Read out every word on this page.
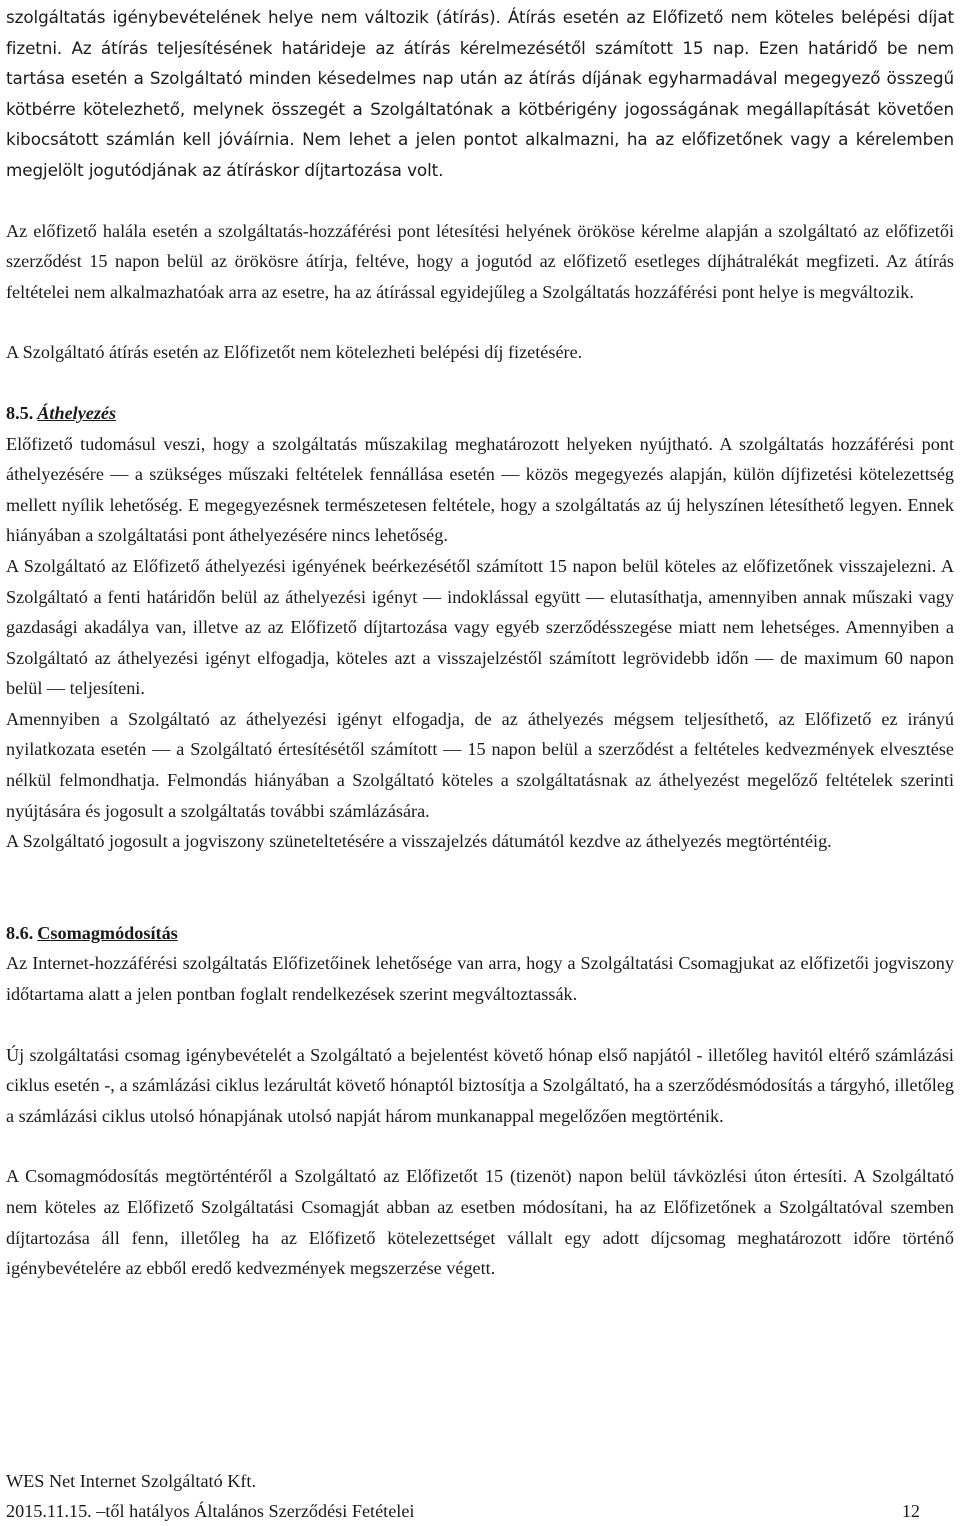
szolgáltatás igénybevételének helye nem változik (átírás). Átírás esetén az Előfizető nem köteles belépési díjat fizetni. Az átírás teljesítésének határideje az átírás kérelmezésétől számított 15 nap. Ezen határidő be nem tartása esetén a Szolgáltató minden késedelmes nap után az átírás díjának egyharmadával megegyező összegű kötbérre kötelezhető, melynek összegét a Szolgáltatónak a kötbérigény jogosságának megállapítását követően kibocsátott számlán kell jóváírnia. Nem lehet a jelen pontot alkalmazni, ha az előfizetőnek vagy a kérelemben megjelölt jogutódjának az átíráskor díjtartozása volt.

Az előfizető halála esetén a szolgáltatás-hozzáférési pont létesítési helyének örököse kérelme alapján a szolgáltató az előfizetői szerződést 15 napon belül az örökösre átírja, feltéve, hogy a jogutód az előfizető esetleges díjhátralékát megfizeti. Az átírás feltételei nem alkalmazhatóak arra az esetre, ha az átírással egyidejűleg a Szolgáltatás hozzáférési pont helye is megváltozik.

A Szolgáltató átírás esetén az Előfizetőt nem kötelezheti belépési díj fizetésére.

8.5. Áthelyezés

Előfizető tudomásul veszi, hogy a szolgáltatás műszakilag meghatározott helyeken nyújtható. A szolgáltatás hozzáférési pont áthelyezésére — a szükséges műszaki feltételek fennállása esetén — közös megegyezés alapján, külön díjfizetési kötelezettség mellett nyílik lehetőség. E megegyezésnek természetesen feltétele, hogy a szolgáltatás az új helyszínen létesíthető legyen. Ennek hiányában a szolgáltatási pont áthelyezésére nincs lehetőség.

A Szolgáltató az Előfizető áthelyezési igényének beérkezésétől számított 15 napon belül köteles az előfizetőnek visszajelezni. A Szolgáltató a fenti határidőn belül az áthelyezési igényt — indoklással együtt — elutasíthatja, amennyiben annak műszaki vagy gazdasági akadálya van, illetve az az Előfizető díjtartozása vagy egyéb szerződésszegése miatt nem lehetséges. Amennyiben a Szolgáltató az áthelyezési igényt elfogadja, köteles azt a visszajelzéstől számított legrövidebb időn — de maximum 60 napon belül — teljesíteni.

Amennyiben a Szolgáltató az áthelyezési igényt elfogadja, de az áthelyezés mégsem teljesíthető, az Előfizető ez irányú nyilatkozata esetén — a Szolgáltató értesítésétől számított — 15 napon belül a szerződést a feltételes kedvezmények elvesztése nélkül felmondhatja. Felmondás hiányában a Szolgáltató köteles a szolgáltatásnak az áthelyezést megelőző feltételek szerinti nyújtására és jogosult a szolgáltatás további számlázására.

A Szolgáltató jogosult a jogviszony szüneteltetésére a visszajelzés dátumától kezdve az áthelyezés megtörténtéig.

8.6. Csomagmódosítás

Az Internet-hozzáférési szolgáltatás Előfizetőinek lehetősége van arra, hogy a Szolgáltatási Csomagjukat az előfizetői jogviszony időtartama alatt a jelen pontban foglalt rendelkezések szerint megváltoztassák.

Új szolgáltatási csomag igénybevételét a Szolgáltató a bejelentést követő hónap első napjától - illetőleg havitól eltérő számlázási ciklus esetén -, a számlázási ciklus lezárultát követő hónaptól biztosítja a Szolgáltató, ha a szerződésmódosítás a tárgyhó, illetőleg a számlázási ciklus utolsó hónapjának utolsó napját három munkanappal megelőzően megtörténik.

A Csomagmódosítás megtörténtéről a Szolgáltató az Előfizetőt 15 (tizenöt) napon belül távközlési úton értesíti. A Szolgáltató nem köteles az Előfizető Szolgáltatási Csomagját abban az esetben módosítani, ha az Előfizetőnek a Szolgáltatóval szemben díjtartozása áll fenn, illetőleg ha az Előfizető kötelezettséget vállalt egy adott díjcsomag meghatározott időre történő igénybevételére az ebből eredő kedvezmények megszerzése végett.

WES Net Internet Szolgáltató Kft.
2015.11.15. –től hatályos Általános Szerződési Fetételei	12
